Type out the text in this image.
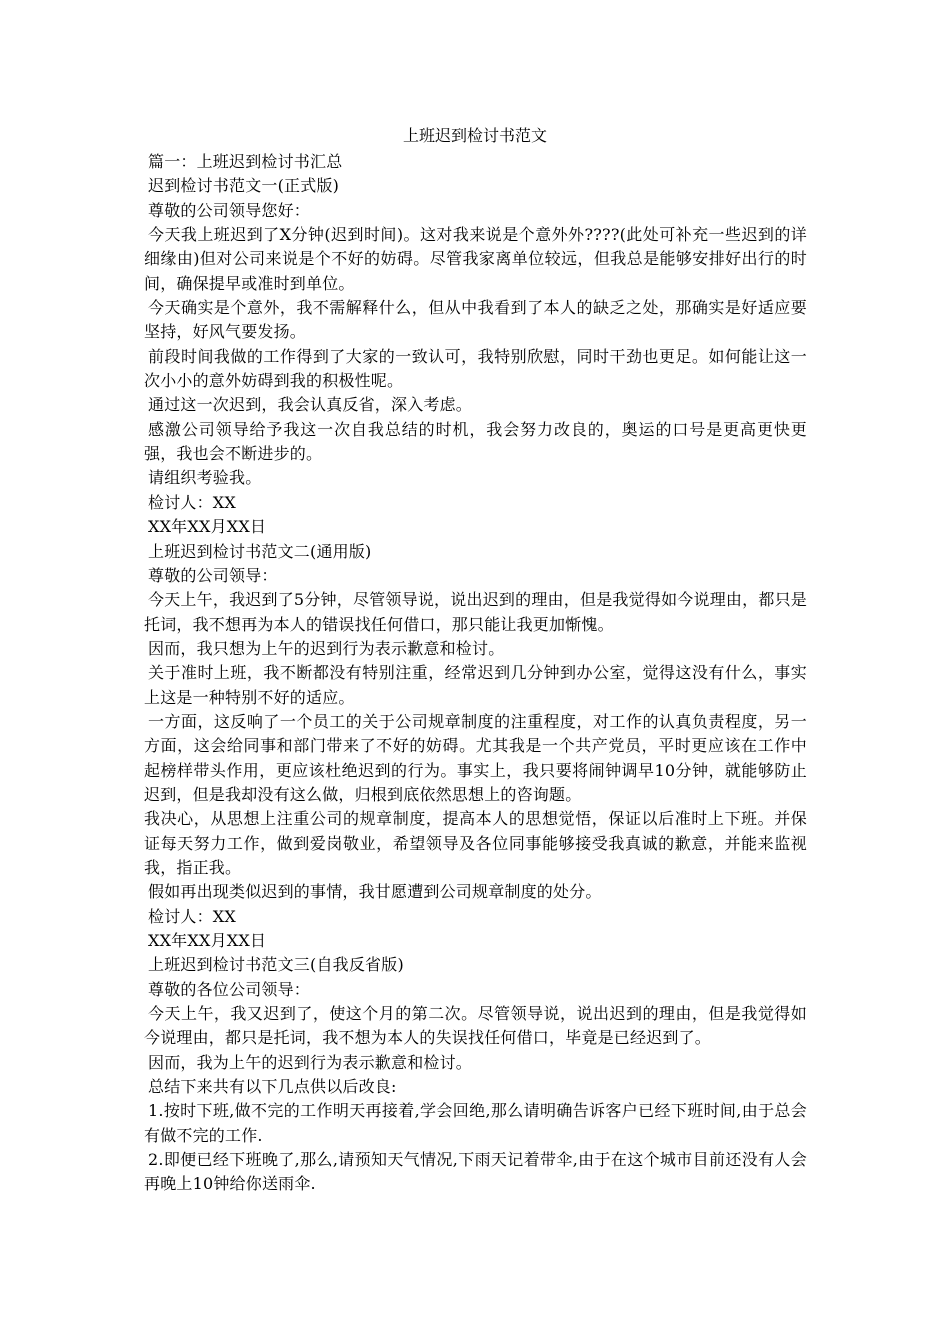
上班迟到检讨书范文

篇一：上班迟到检讨书汇总

迟到检讨书范文一(正式版)

尊敬的公司领导您好：

今天我上班迟到了X分钟(迟到时间)。这对我来说是个意外外????(此处可补充一些迟到的详细缘由)但对公司来说是个不好的妨碍。尽管我家离单位较远，但我总是能够安排好出行的时间，确保提早或准时到单位。

今天确实是个意外，我不需解释什么，但从中我看到了本人的缺乏之处，那确实是好适应要坚持，好风气要发扬。

前段时间我做的工作得到了大家的一致认可，我特别欣慰，同时干劲也更足。如何能让这一次小小的意外妨碍到我的积极性呢。

通过这一次迟到，我会认真反省，深入考虑。

感激公司领导给予我这一次自我总结的时机，我会努力改良的，奥运的口号是更高更快更强，我也会不断进步的。

请组织考验我。

检讨人：XX

XX年XX月XX日

上班迟到检讨书范文二(通用版)

尊敬的公司领导：

今天上午，我迟到了5分钟，尽管领导说，说出迟到的理由，但是我觉得如今说理由，都只是托词，我不想再为本人的错误找任何借口，那只能让我更加惭愧。

因而，我只想为上午的迟到行为表示歉意和检讨。

关于准时上班，我不断都没有特别注重，经常迟到几分钟到办公室，觉得这没有什么，事实上这是一种特别不好的适应。

一方面，这反响了一个员工的关于公司规章制度的注重程度，对工作的认真负责程度，另一方面，这会给同事和部门带来了不好的妨碍。尤其我是一个共产党员，平时更应该在工作中起榜样带头作用，更应该杜绝迟到的行为。事实上，我只要将闹钟调早10分钟，就能够防止迟到，但是我却没有这么做，归根到底依然思想上的咨询题。

我决心，从思想上注重公司的规章制度，提高本人的思想觉悟，保证以后准时上下班。并保证每天努力工作，做到爱岗敬业，希望领导及各位同事能够接受我真诚的歉意，并能来监视我，指正我。

假如再出现类似迟到的事情，我甘愿遭到公司规章制度的处分。

检讨人：XX

XX年XX月XX日

上班迟到检讨书范文三(自我反省版)

尊敬的各位公司领导：

今天上午，我又迟到了，使这个月的第二次。尽管领导说，说出迟到的理由，但是我觉得如今说理由，都只是托词，我不想为本人的失误找任何借口，毕竟是已经迟到了。

因而，我为上午的迟到行为表示歉意和检讨。

总结下来共有以下几点供以后改良:

1.按时下班,做不完的工作明天再接着,学会回绝,那么请明确告诉客户已经下班时间,由于总会有做不完的工作.

2.即便已经下班晚了,那么,请预知天气情况,下雨天记着带伞,由于在这个城市目前还没有人会再晚上10钟给你送雨伞.
